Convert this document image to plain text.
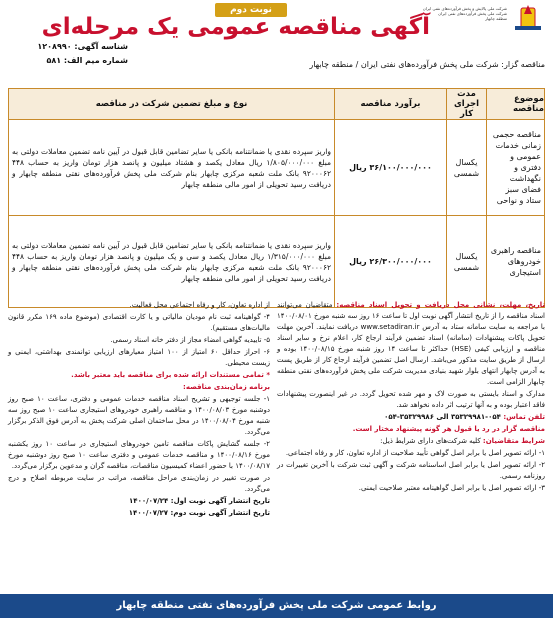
شرکت ملی پالایش و پخش فرآورده‌های نفتی ایران
شرکت ملی پخش فرآورده‌های نفتی ایران
منطقه چابهار
نوبت دوم
آگهی مناقصه عمومی یک مرحله‌ای
شناسه آگهی: ۱۲۰۸۹۹۰
شماره میم الف: ۵۸۱	مناقصه گزار: شرکت ملی پخش فرآورده‌های نفتی ایران / منطقه چابهار
موضوع مناقصه	مدت اجرای کار	برآورد مناقصه	نوع و مبلغ تضمین شرکت در مناقصه
مناقصه حجمی زمانی خدمات عمومی و دفتری و نگهداشت فضای سبز ستاد و نواحی	یکسال شمسی	۳۶/۱۰۰/۰۰۰/۰۰۰ ریال	واریز سپرده نقدی یا ضمانتنامه بانکی یا سایر تضامین قابل قبول در آیین نامه تضمین معاملات دولتی به مبلغ ۱/۸۰۵/۰۰۰/۰۰۰ ریال معادل یکصد و هشتاد میلیون و پانصد هزار تومان واریز به حساب ۴۴۸ ۹۲۰۰۰۶۲ بانک ملت شعبه مرکزی چابهار بنام شرکت ملی پخش فرآورده‌های نفتی منطقه چابهار و دریافت رسید تحویلی از امور مالی منطقه چابهار
مناقصه راهبری خودروهای استیجاری	یکسال شمسی	۲۶/۳۰۰/۰۰۰/۰۰۰ ریال	واریز سپرده نقدی یا ضمانتنامه بانکی یا سایر تضامین قابل قبول در آیین نامه تضمین معاملات دولتی به مبلغ ۱/۳۱۵/۰۰۰/۰۰۰ ریال معادل یکصد و سی و یک میلیون و پانصد هزار تومان واریز به حساب ۴۴۸ ۹۲۰۰۰۶۲ بانک ملت شعبه مرکزی چابهار بنام شرکت ملی پخش فرآورده‌های نفتی منطقه چابهار و دریافت رسید تحویلی از امور مالی منطقه چابهار

تاریخ، مهلت، نشانی محل دریافت و تحویل اسناد مناقصه: متقاضیان می‌توانند اسناد مناقصه را از تاریخ انتشار آگهی نوبت اول تا ساعت ۱۶ روز سه شنبه مورخ ۱۴۰۰/۰۸/۰۱ با مراجعه به سایت سامانه ستاد به آدرس www.setadiran.ir دریافت نمایند. آخرین مهلت تحویل پاکات پیشنهادات (سامانه) اسناد تضمین فرآیند ارجاع کار، اعلام نرخ و سایر اسناد مناقصه و ارزیابی کیفی (HSE) حداکثر تا ساعت ۱۴ روز شنبه مورخ ۱۴۰۰/۰۸/۱۵ بوده و ارسال از طریق سایت مذکور می‌باشد. ارسال اصل تضمین فرآیند ارجاع کار از طریق پست به آدرس چابهار انتهای بلوار شهید بنیادی مدیریت شرکت ملی پخش فرآورده‌های نفتی منطقه چابهار الزامی است.

مدارک و اسناد بایستی به صورت لاک و مهر شده تحویل گردد. در غیر اینصورت پیشنهادات فاقد اعتبار بوده و به آنها ترتیب اثر داده نخواهد شد.

تلفن تماس: ۰۵۴-۳۵۳۲۹۹۸۱ الی ۳۵۳۲۹۹۸۶-۰۵۴

مناقصه گزار در رد یا قبول هر گونه پیشنهاد مختار است.

شرایط متقاضیان: کلیه شرکت‌های دارای شرایط ذیل:

۱- ارائه تصویر اصل یا برابر اصل گواهی تأیید صلاحیت از اداره تعاون، کار و رفاه اجتماعی.

۲- ارائه تصویر اصل یا برابر اصل اساسنامه شرکت و آگهی ثبت شرکت با آخرین تغییرات در روزنامه رسمی.

۳- ارائه تصویر اصل یا برابر اصل گواهینامه معتبر صلاحیت ایمنی.

از اداره تعاون، کار و رفاه اجتماعی محل فعالیت.

۴- گواهینامه ثبت نام مودیان مالیاتی و یا کارت اقتصادی (موضوع ماده ۱۶۹ مکرر قانون مالیات‌های مستقیم).

۵- تاییدیه گواهی امضاء مجاز از دفتر خانه اسناد رسمی.

۶- احراز حداقل ۶۰ امتیاز از ۱۰۰ امتیاز معیارهای ارزیابی توانمندی بهداشتی، ایمنی و زیست محیطی.

* تمامی مستندات ارائه شده برای مناقصه باید معتبر باشد.

برنامه زمان‌بندی مناقصه:

۱- جلسه توجیهی و تشریح اسناد مناقصه خدمات عمومی و دفتری، ساعت ۱۰ صبح روز دوشنبه مورخ ۱۴۰۰/۰۸/۰۳ و مناقصه راهبری خودروهای استیجاری ساعت ۱۰ صبح روز سه شنبه مورخ ۱۴۰۰/۰۸/۰۴ در محل ساختمان اصلی شرکت پخش به آدرس فوق الذکر برگزار می‌گردد.

۲- جلسه گشایش پاکات مناقصه تامین خودروهای استیجاری در ساعت ۱۰ روز یکشنبه مورخ ۱۴۰۰/۰۸/۱۶ و مناقصه خدمات عمومی و دفتری ساعت ۱۰ صبح روز دوشنبه مورخ ۱۴۰۰/۰۸/۱۷ با حضور اعضاء کمیسیون مناقصات، مناقصه گران و مدعوین برگزار می‌گردد.

در صورت تغییر در زمان‌بندی مراحل مناقصه، مراتب در سایت مربوطه اصلاح و درج می‌گردد.

تاریخ انتشار آگهی نوبت اول: ۱۴۰۰/۰۷/۲۴

تاریخ انتشار آگهی نوبت دوم: ۱۴۰۰/۰۷/۲۷

روابط عمومی شرکت ملی پخش فرآورده‌های نفتی منطقه چابهار
